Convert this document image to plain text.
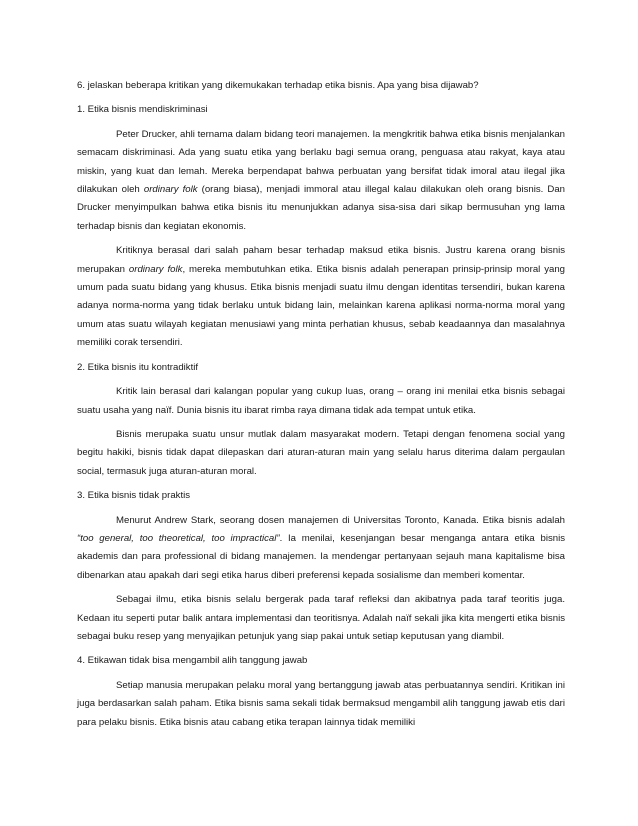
6. jelaskan beberapa kritikan yang dikemukakan terhadap etika bisnis. Apa yang bisa dijawab?

1. Etika bisnis mendiskriminasi

Peter Drucker, ahli ternama dalam bidang teori manajemen. Ia mengkritik bahwa etika bisnis menjalankan semacam diskriminasi. Ada yang suatu etika yang berlaku bagi semua orang, penguasa atau rakyat, kaya atau miskin, yang kuat dan lemah. Mereka berpendapat bahwa perbuatan yang bersifat tidak imoral atau ilegal jika dilakukan oleh ordinary folk (orang biasa), menjadi immoral atau illegal kalau dilakukan oleh orang bisnis. Dan Drucker menyimpulkan bahwa etika bisnis itu menunjukkan adanya sisa-sisa dari sikap bermusuhan yng lama terhadap bisnis dan kegiatan ekonomis.

Kritiknya berasal dari salah paham besar terhadap maksud etika bisnis. Justru karena orang bisnis merupakan ordinary folk, mereka membutuhkan etika. Etika bisnis adalah penerapan prinsip-prinsip moral yang umum pada suatu bidang yang khusus. Etika bisnis menjadi suatu ilmu dengan identitas tersendiri, bukan karena adanya norma-norma yang tidak berlaku untuk bidang lain, melainkan karena aplikasi norma-norma moral yang umum atas suatu wilayah kegiatan menusiawi yang minta perhatian khusus, sebab keadaannya dan masalahnya memiliki corak tersendiri.

2. Etika bisnis itu kontradiktif

Kritik lain berasal dari kalangan popular yang cukup luas, orang – orang ini menilai etka bisnis sebagai suatu usaha yang naïf. Dunia bisnis itu ibarat rimba raya dimana tidak ada tempat untuk etika.

Bisnis merupaka suatu unsur mutlak dalam masyarakat modern. Tetapi dengan fenomena social yang begitu hakiki, bisnis tidak dapat dilepaskan dari aturan-aturan main yang selalu harus diterima dalam pergaulan social, termasuk juga aturan-aturan moral.

3. Etika bisnis tidak praktis

Menurut Andrew Stark, seorang dosen manajemen di Universitas Toronto, Kanada. Etika bisnis adalah “too general, too theoretical, too impractical”. Ia menilai, kesenjangan besar menganga antara etika bisnis akademis dan para professional di bidang manajemen. Ia mendengar pertanyaan sejauh mana kapitalisme bisa dibenarkan atau apakah dari segi etika harus diberi preferensi kepada sosialisme dan memberi komentar.

Sebagai ilmu, etika bisnis selalu bergerak pada taraf refleksi dan akibatnya pada taraf teoritis juga. Kedaan itu seperti putar balik antara implementasi dan teoritisnya. Adalah naïf sekali jika kita mengerti etika bisnis sebagai buku resep yang menyajikan petunjuk yang siap pakai untuk setiap keputusan yang diambil.

4. Etikawan tidak bisa mengambil alih tanggung jawab

Setiap manusia merupakan pelaku moral yang bertanggung jawab atas perbuatannya sendiri. Kritikan ini juga berdasarkan salah paham. Etika bisnis sama sekali tidak bermaksud mengambil alih tanggung jawab etis dari para pelaku bisnis. Etika bisnis atau cabang etika terapan lainnya tidak memiliki
